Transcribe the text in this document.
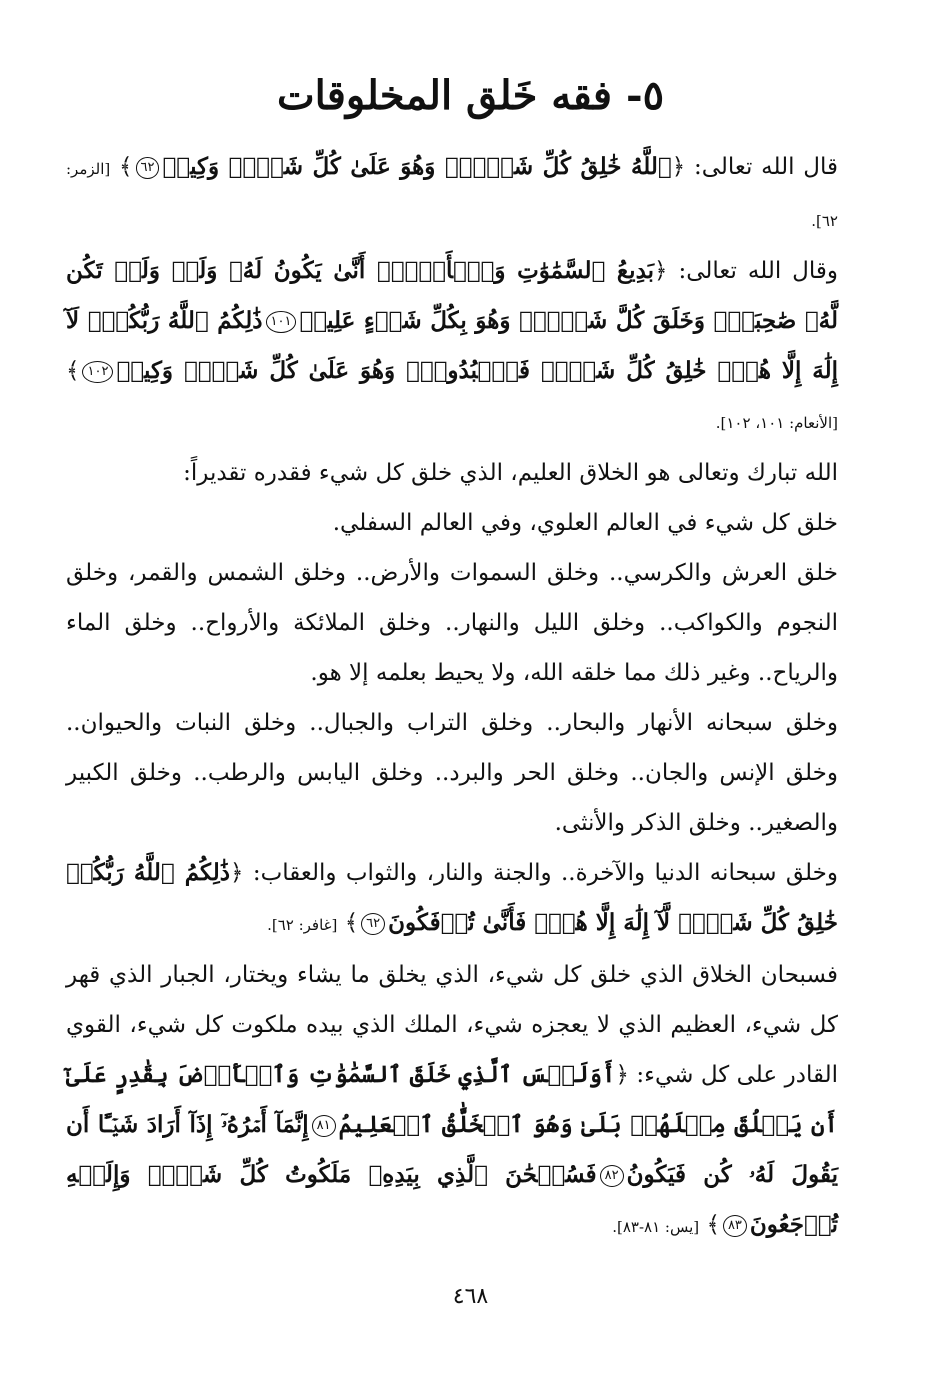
٥- فقه خَلق المخلوقات

قال الله تعالى: ﴿ٱللَّهُ خَٰلِقُ كُلِّ شَيۡءٖۖ وَهُوَ عَلَىٰ كُلِّ شَيۡءٖ وَكِيلٞ٦٢﴾ [الزمر: ٦٢].

وقال الله تعالى: ﴿بَدِيعُ ٱلسَّمَٰوَٰتِ وَٱلۡأَرۡضِۖ أَنَّىٰ يَكُونُ لَهُۥ وَلَدٞ وَلَمۡ تَكُن لَّهُۥ صَٰحِبَةٞۖ وَخَلَقَ كُلَّ شَيۡءٖۖ وَهُوَ بِكُلِّ شَيۡءٍ عَلِيمٞ١٠١ذَٰلِكُمُ ٱللَّهُ رَبُّكُمۡۖ لَآ إِلَٰهَ إِلَّا هُوَۖ خَٰلِقُ كُلِّ شَيۡءٖ فَٱعۡبُدُوهُۚ وَهُوَ عَلَىٰ كُلِّ شَيۡءٖ وَكِيلٞ١٠٢﴾ [الأنعام: ١٠١، ١٠٢].

الله تبارك وتعالى هو الخلاق العليم، الذي خلق كل شيء فقدره تقديراً:
خلق كل شيء في العالم العلوي، وفي العالم السفلي.

خلق العرش والكرسي.. وخلق السموات والأرض.. وخلق الشمس والقمر، وخلق النجوم والكواكب.. وخلق الليل والنهار.. وخلق الملائكة والأرواح.. وخلق الماء والرياح.. وغير ذلك مما خلقه الله، ولا يحيط بعلمه إلا هو.

وخلق سبحانه الأنهار والبحار.. وخلق التراب والجبال.. وخلق النبات والحيوان.. وخلق الإنس والجان.. وخلق الحر والبرد.. وخلق اليابس والرطب.. وخلق الكبير والصغير.. وخلق الذكر والأنثى.

وخلق سبحانه الدنيا والآخرة.. والجنة والنار، والثواب والعقاب: ﴿ذَٰلِكُمُ ٱللَّهُ رَبُّكُمۡ خَٰلِقُ كُلِّ شَيۡءٖ لَّآ إِلَٰهَ إِلَّا هُوَۖ فَأَنَّىٰ تُؤۡفَكُونَ٦٢﴾ [غافر: ٦٢].

فسبحان الخلاق الذي خلق كل شيء، الذي يخلق ما يشاء ويختار، الجبار الذي قهر كل شيء، العظيم الذي لا يعجزه شيء، الملك الذي بيده ملكوت كل شيء، القوي القادر على كل شيء: ﴿أَوَلَيۡسَ ٱلَّذِي خَلَقَ ٱلسَّمَٰوَٰتِ وَٱلۡأَرۡضَ بِقَٰدِرٍ عَلَىٰٓ أَن يَخۡلُقَ مِثۡلَهُمۚ بَلَىٰ وَهُوَ ٱلۡخَلَّٰقُ ٱلۡعَلِيمُ٨١إِنَّمَآ أَمۡرُهُۥٓ إِذَآ أَرَادَ شَيۡـًٔا أَن يَقُولَ لَهُۥ كُن فَيَكُونُ٨٢فَسُبۡحَٰنَ ٱلَّذِي بِيَدِهِۦ مَلَكُوتُ كُلِّ شَيۡءٖ وَإِلَيۡهِ تُرۡجَعُونَ٨٣﴾ [يس: ٨١-٨٣].

٤٦٨
